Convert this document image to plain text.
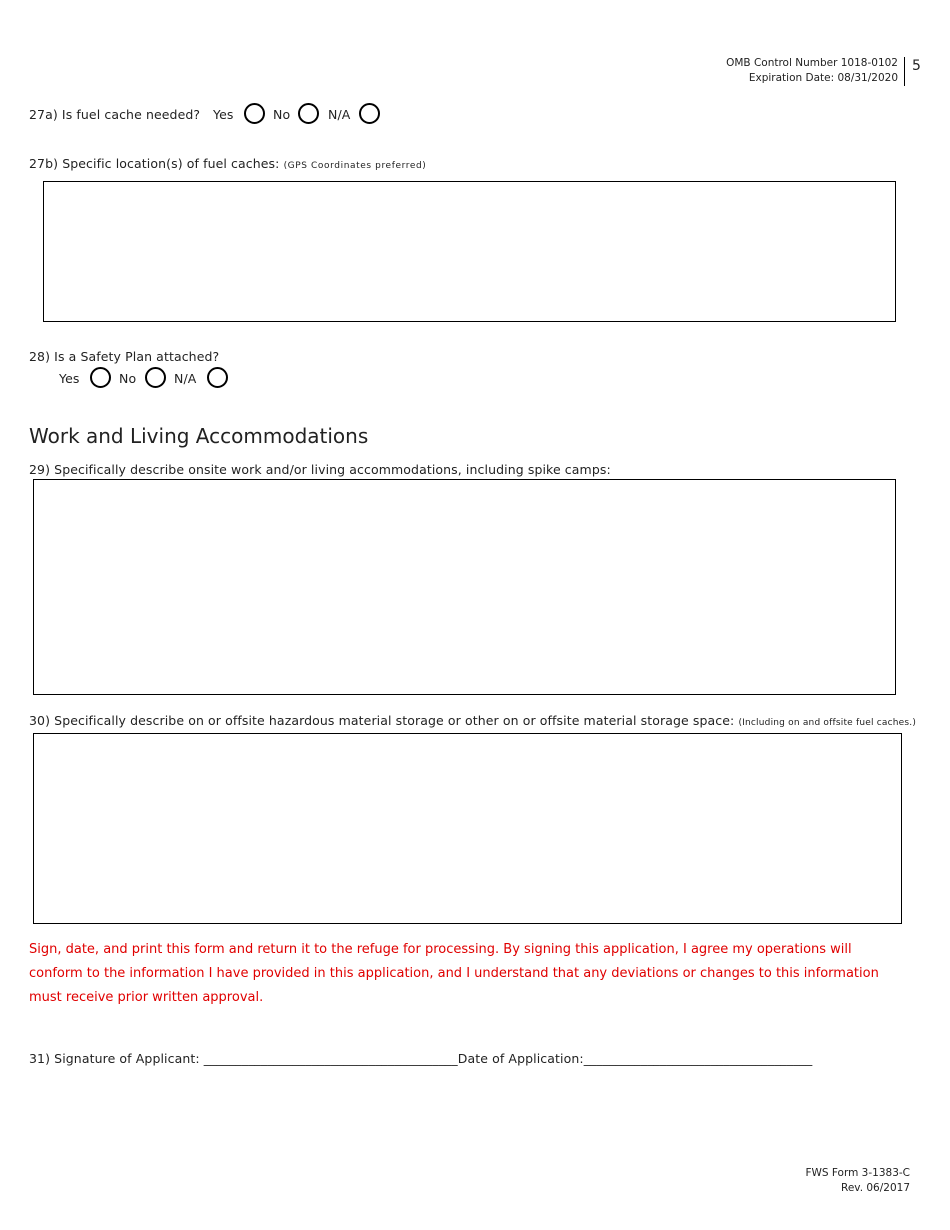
OMB Control Number 1018-0102
Expiration Date: 08/31/2020
5
27a) Is fuel cache needed? Yes	No	N/A
27b) Specific location(s) of fuel caches: (GPS Coordinates preferred)
28) Is a Safety Plan attached?
Yes	No	N/A
Work and Living Accommodations
29) Specifically describe onsite work and/or living accommodations, including spike camps:
30) Specifically describe on or offsite hazardous material storage or other on or offsite material storage space: (Including on and offsite fuel caches.)
Sign, date, and print this form and return it to the refuge for processing. By signing this application, I agree my operations will conform to the information I have provided in this application, and I understand that any deviations or changes to this information must receive prior written approval.
31) Signature of Applicant: ________________________________________Date of Application:____________________________________
FWS Form 3-1383-C
Rev. 06/2017
